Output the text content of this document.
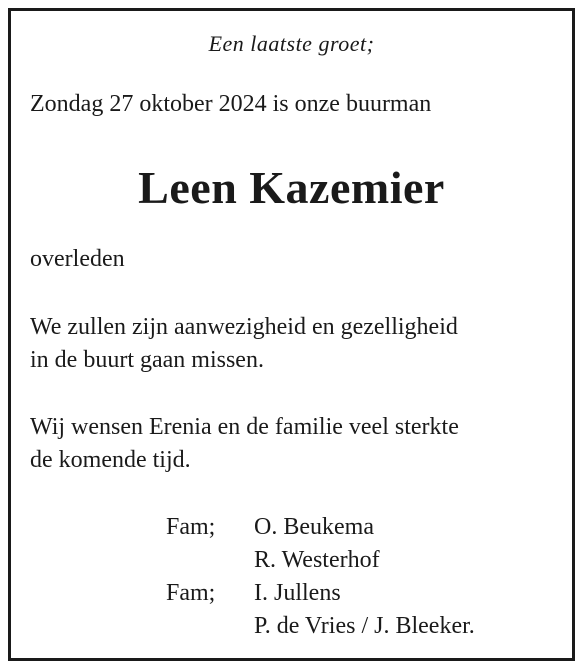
Een laatste groet;
Zondag 27 oktober 2024 is onze buurman
Leen Kazemier
overleden
We zullen zijn aanwezigheid en gezelligheid
in de buurt gaan missen.
Wij wensen Erenia en de familie veel sterkte
de komende tijd.
Fam; O. Beukema
R. Westerhof
Fam; I. Jullens
P. de Vries / J. Bleeker.
